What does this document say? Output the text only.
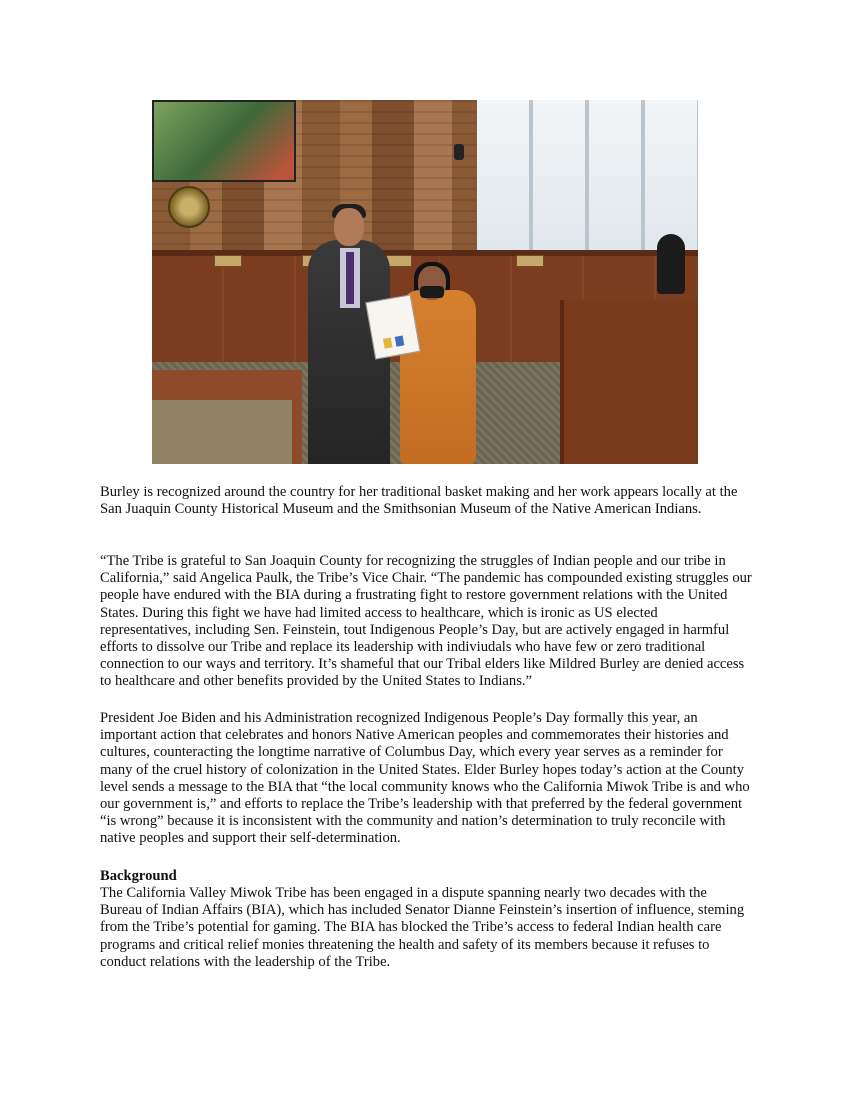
Burley is recognized around the country for her traditional basket making and her work appears locally at the San Juaquin County Historical Museum and the Smithsonian Museum of the Native American Indians.

“The Tribe is grateful to San Joaquin County for recognizing the struggles of Indian people and our tribe in California,” said Angelica Paulk, the Tribe’s Vice Chair. “The pandemic has compounded existing struggles our people have endured with the BIA during a frustrating fight to restore government relations with the United States. During this fight we have had limited access to healthcare, which is ironic as US elected representatives, including Sen. Feinstein, tout Indigenous People’s Day, but are actively engaged in harmful efforts to dissolve our Tribe and replace its leadership with indiviudals who have few or zero traditional connection to our ways and territory. It’s shameful that our Tribal elders like Mildred Burley are denied access to healthcare and other benefits provided by the United States to Indians.”

President Joe Biden and his Administration recognized Indigenous People’s Day formally this year, an important action that celebrates and honors Native American peoples and commemorates their histories and cultures, counteracting the longtime narrative of Columbus Day, which every year serves as a reminder for many of the cruel history of colonization in the United States. Elder Burley hopes today’s action at the County level sends a message to the BIA that “the local community knows who the California Miwok Tribe is and who our government is,” and efforts to replace the Tribe’s leadership with that preferred by the federal government “is wrong” because it is inconsistent with the community and nation’s determination to truly reconcile with native peoples and support their self-determination.

Background

The California Valley Miwok Tribe has been engaged in a dispute spanning nearly two decades with the Bureau of Indian Affairs (BIA), which has included Senator Dianne Feinstein’s insertion of influence, steming from the Tribe’s potential for gaming. The BIA has blocked the Tribe’s access to federal Indian health care programs and critical relief monies threatening the health and safety of its members because it refuses to conduct relations with the leadership of the Tribe.
